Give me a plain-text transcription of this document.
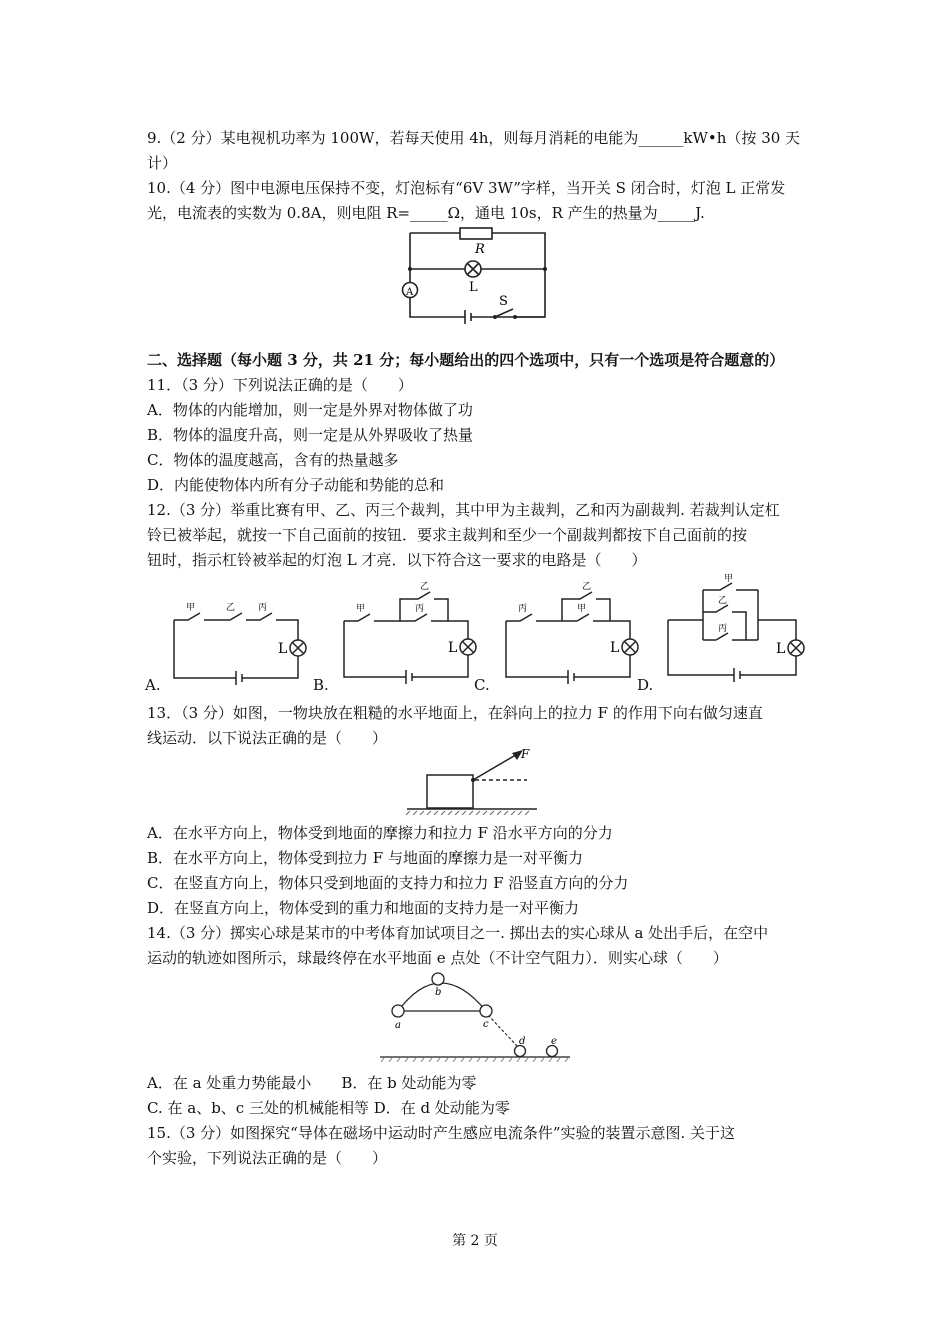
9.（2 分）某电视机功率为 100W，若每天使用 4h，则每月消耗的电能为______kW•h（按 30 天
计）
10.（4 分）图中电源电压保持不变，灯泡标有“6V 3W”字样，当开关 S 闭合时，灯泡 L 正常发
光，电流表的实数为 0.8A，则电阻 R=_____Ω，通电 10s，R 产生的热量为_____J.
R
L
A
S
二、选择题（每小题 3 分，共 21 分；每小题给出的四个选项中，只有一个选项是符合题意的）
11．（3 分）下列说法正确的是（　　）
A．物体的内能增加，则一定是外界对物体做了功
B．物体的温度升高，则一定是从外界吸收了热量
C．物体的温度越高，含有的热量越多
D．内能使物体内所有分子动能和势能的总和
12.（3 分）举重比赛有甲、乙、丙三个裁判，其中甲为主裁判，乙和丙为副裁判. 若裁判认定杠
铃已被举起，就按一下自己面前的按钮．要求主裁判和至少一个副裁判都按下自己面前的按
钮时，指示杠铃被举起的灯泡 L 才亮．以下符合这一要求的电路是（　　）
甲	乙	丙
L
A.
甲
乙
丙
L
B.
丙
乙
甲
L
C.
甲
乙
丙
L
D.
13．（3 分）如图，一物块放在粗糙的水平地面上，在斜向上的拉力 F 的作用下向右做匀速直
线运动．以下说法正确的是（　　）
F
A．在水平方向上，物体受到地面的摩擦力和拉力 F 沿水平方向的分力
B．在水平方向上，物体受到拉力 F 与地面的摩擦力是一对平衡力
C．在竖直方向上，物体只受到地面的支持力和拉力 F 沿竖直方向的分力
D．在竖直方向上，物体受到的重力和地面的支持力是一对平衡力
14.（3 分）掷实心球是某市的中考体育加试项目之一. 掷出去的实心球从 a 处出手后，在空中
运动的轨迹如图所示，球最终停在水平地面 e 点处（不计空气阻力）．则实心球（　　）
a
b
c
d	e
A．在 a 处重力势能最小　　B．在 b 处动能为零
C. 在 a、b、c 三处的机械能相等 D．在 d 处动能为零
15.（3 分）如图探究“导体在磁场中运动时产生感应电流条件”实验的装置示意图. 关于这
个实验，下列说法正确的是（　　）
第 2 页
